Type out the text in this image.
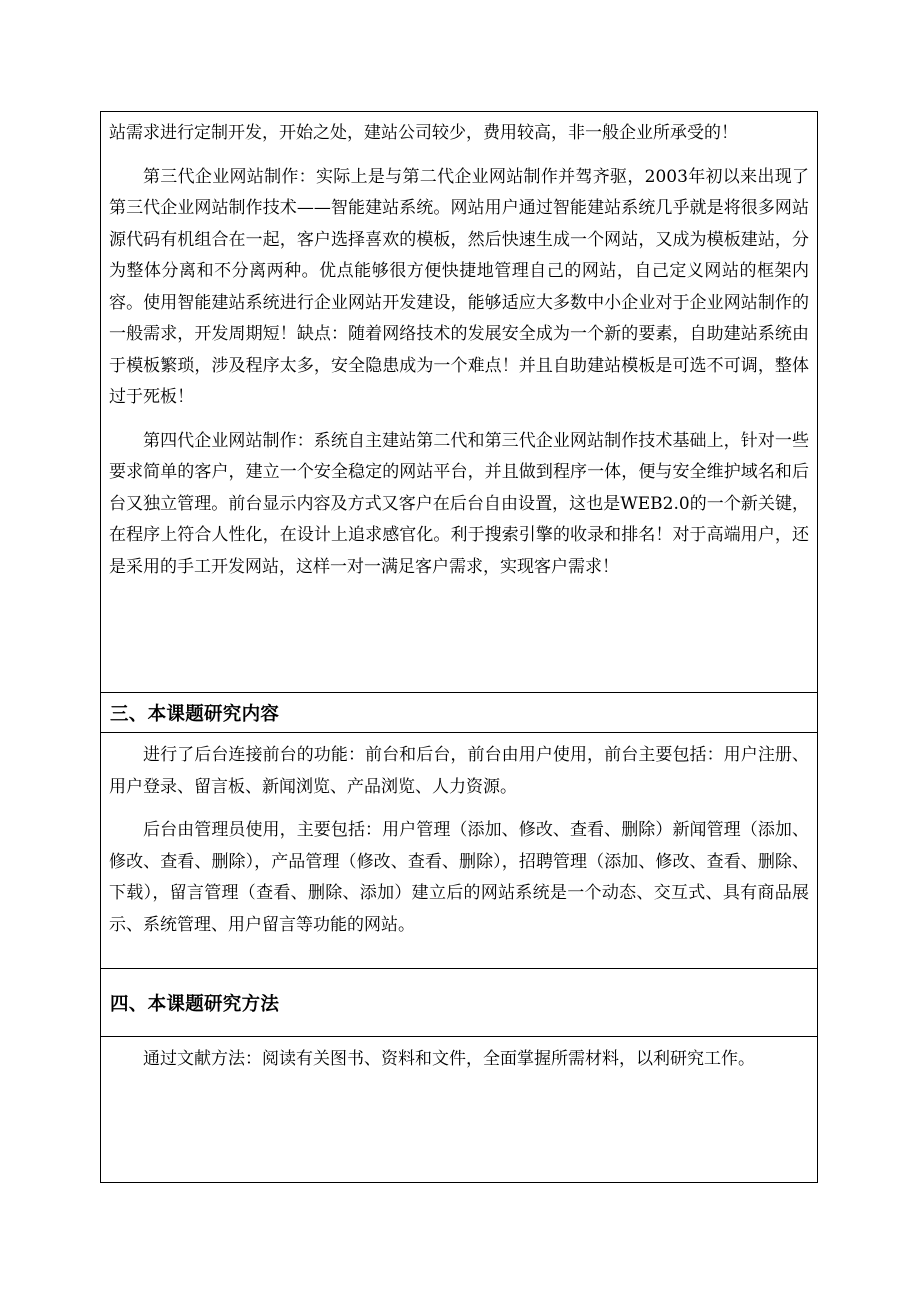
站需求进行定制开发，开始之处，建站公司较少，费用较高，非一般企业所承受的！

第三代企业网站制作：实际上是与第二代企业网站制作并驾齐驱，2003年初以来出现了第三代企业网站制作技术——智能建站系统。网站用户通过智能建站系统几乎就是将很多网站源代码有机组合在一起，客户选择喜欢的模板，然后快速生成一个网站，又成为模板建站，分为整体分离和不分离两种。优点能够很方便快捷地管理自己的网站，自己定义网站的框架内容。使用智能建站系统进行企业网站开发建设，能够适应大多数中小企业对于企业网站制作的一般需求，开发周期短！缺点：随着网络技术的发展安全成为一个新的要素，自助建站系统由于模板繁琐，涉及程序太多，安全隐患成为一个难点！并且自助建站模板是可选不可调，整体过于死板！

第四代企业网站制作：系统自主建站第二代和第三代企业网站制作技术基础上，针对一些要求简单的客户，建立一个安全稳定的网站平台，并且做到程序一体，便与安全维护域名和后台又独立管理。前台显示内容及方式又客户在后台自由设置，这也是WEB2.0的一个新关键，在程序上符合人性化，在设计上追求感官化。利于搜索引擎的收录和排名！对于高端用户，还是采用的手工开发网站，这样一对一满足客户需求，实现客户需求！

三、本课题研究内容

进行了后台连接前台的功能：前台和后台，前台由用户使用，前台主要包括：用户注册、用户登录、留言板、新闻浏览、产品浏览、人力资源。

后台由管理员使用，主要包括：用户管理（添加、修改、查看、删除）新闻管理（添加、修改、查看、删除），产品管理（修改、查看、删除），招聘管理（添加、修改、查看、删除、下载），留言管理（查看、删除、添加）建立后的网站系统是一个动态、交互式、具有商品展示、系统管理、用户留言等功能的网站。

四、本课题研究方法

通过文献方法：阅读有关图书、资料和文件，全面掌握所需材料，以利研究工作。
